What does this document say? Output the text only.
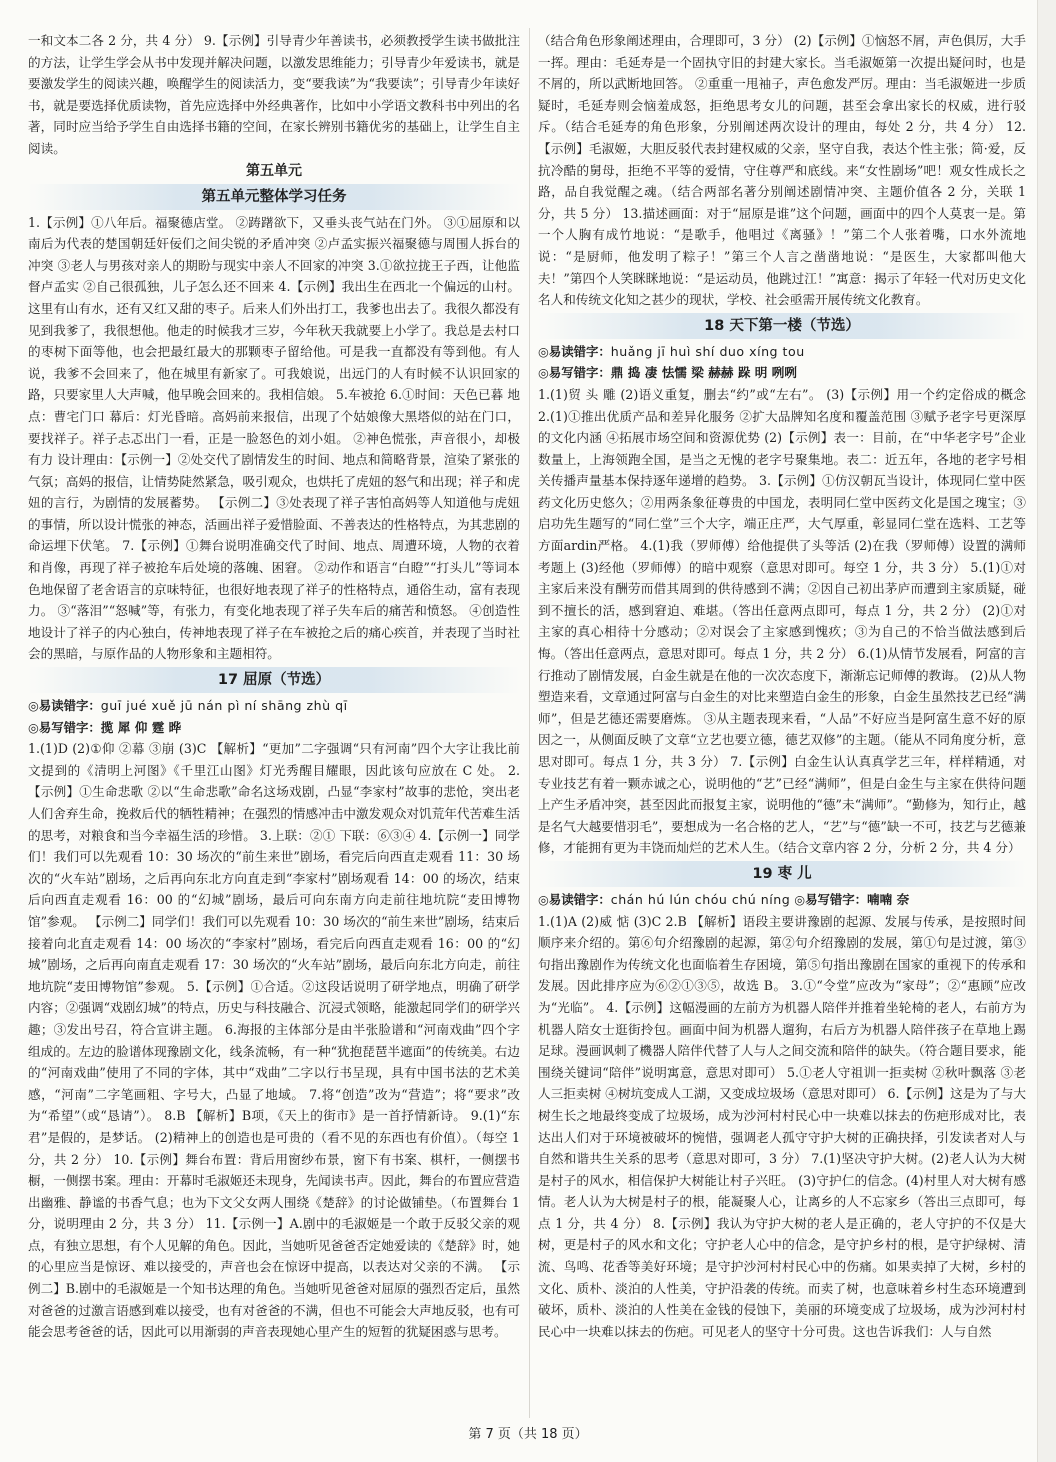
一和文本二各 2 分，共 4 分） 9.【示例】引导青少年善读书，必须教授学生读书做批注的方法，让学生学会从书中发现并解决问题，以激发思维能力；引导青少年爱读书，就是要激发学生的阅读兴趣，唤醒学生的阅读活力，变“要我读”为“我要读”；引导青少年读好书，就是要选择优质读物，首先应选择中外经典著作，比如中小学语文教科书中列出的名著，同时应当给予学生自由选择书籍的空间，在家长辨别书籍优劣的基础上，让学生自主阅读。

第五单元
第五单元整体学习任务

1.【示例】①八年后。福聚德店堂。 ②踌躇欲下，又垂头丧气站在门外。 ③①屈原和以南后为代表的楚国朝廷奸佞们之间尖锐的矛盾冲突 ②卢孟实振兴福聚德与周围人拆台的冲突 ③老人与男孩对亲人的期盼与现实中亲人不回家的冲突 3.①欲拉拢王子西，让他监督卢孟实 ②自己很孤独，儿子怎么还不回来 4.【示例】我出生在西北一个偏远的山村。这里有山有水，还有又红又甜的枣子。后来人们外出打工，我爹也出去了。我很久都没有见到我爹了，我很想他。他走的时候我才三岁，今年秋天我就要上小学了。我总是去村口的枣树下面等他，也会把最红最大的那颗枣子留给他。可是我一直都没有等到他。有人说，我爹不会回来了，他在城里有新家了。可我娘说，出远门的人有时候不认识回家的路，只要家里人大声喊，他早晚会回来的。我相信娘。 5.车被抢 6.①时间：天色已暮 地点：曹宅门口 幕后：灯光昏暗。高妈前来报信，出现了个姑娘像大黑塔似的站在门口，要找祥子。祥子忐忑出门一看，正是一脸怒色的刘小姐。 ②神色慌张，声音很小，却极有力 设计理由：【示例一】②处交代了剧情发生的时间、地点和简略背景，渲染了紧张的气氛；高妈的报信，让情势陡然紧急，吸引观众，也烘托了虎妞的怒气和出现；祥子和虎妞的言行，为剧情的发展蓄势。 【示例二】③处表现了祥子害怕高妈等人知道他与虎妞的事情，所以设计慌张的神态，活画出祥子爱惜脸面、不善表达的性格特点，为其悲剧的命运埋下伏笔。 7.【示例】①舞台说明准确交代了时间、地点、周遭环境，人物的衣着和肖像，再现了祥子被抢车后处境的落魄、困窘。 ②动作和语言“白瞪”“打头儿”等词本色地保留了老舍语言的京味特征，也很好地表现了祥子的性格特点，通俗生动，富有表现力。 ③“落泪”“怒喊”等，有张力，有变化地表现了祥子失车后的痛苦和愤怒。 ④创造性地设计了祥子的内心独白，传神地表现了祥子在车被抢之后的痛心疾首，并表现了当时社会的黑暗，与原作品的人物形象和主题相符。

17 屈原（节选）
◎易读错字：guī jué xuě jū nán pì ní shāng zhù qī
◎易写错字：揽 犀 仰 霆 晔

1.(1)D (2)①仰 ②幕 ③崩 (3)C 【解析】“更加”二字强调“只有河南”四个大字让我比前文提到的《清明上河图》《千里江山图》灯光秀醒目耀眼，因此该句应放在 C 处。 2.【示例】①生命悲歌 ②以“生命悲歌”命名这场戏剧，凸显“李家村”故事的悲怆，突出老人们舍弃生命，挽救后代的牺牲精神；在强烈的情感冲击中激发观众对饥荒年代苦难生活的思考，对粮食和当今幸福生活的珍惜。 3.上联：②① 下联：⑥③④ 4.【示例一】同学们！我们可以先观看 10：30 场次的“前生来世”剧场，看完后向西直走观看 11：30 场次的“火车站”剧场，之后再向东北方向直走到“李家村”剧场观看 14：00 的场次，结束后向西直走观看 16：00 的“幻城”剧场，最后可向东南方向走前往地坑院“麦田博物馆”参观。 【示例二】同学们！我们可以先观看 10：30 场次的“前生来世”剧场，结束后接着向北直走观看 14：00 场次的“李家村”剧场，看完后向西直走观看 16：00 的“幻城”剧场，之后再向南直走观看 17：30 场次的“火车站”剧场，最后向东北方向走，前往地坑院“麦田博物馆”参观。 5.【示例】①合适。②这段话说明了研学地点，明确了研学内容；②强调“戏剧幻城”的特点，历史与科技融合、沉浸式领略，能激起同学们的研学兴趣；③发出号召，符合宣讲主题。 6.海报的主体部分是由半张脸谱和“河南戏曲”四个字组成的。左边的脸谱体现豫剧文化，线条流畅，有一种“犹抱琵琶半遮面”的传统美。右边的“河南戏曲”使用了不同的字体，其中“戏曲”二字以行书呈现，具有中国书法的艺术美感，“河南”二字笔画粗、字号大，凸显了地域。 7.将“创造”改为“营造”；将“要求”改为“希望”（或“恳请”）。 8.B 【解析】B项，《天上的街市》是一首抒情新诗。 9.(1)“东君”是假的，是梦话。 (2)精神上的创造也是可贵的（看不见的东西也有价值）。（每空 1 分，共 2 分） 10.【示例】舞台布置：背后用窗纱布景，窗下有书案、棋杆，一侧摆书橱，一侧摆书案。理由：开幕时毛淑姬还未现身，先闻读书声。因此，舞台的布置应营造出幽雅、静谧的书香气息；也为下文父女两人围绕《楚辞》的讨论做铺垫。（布置舞台 1 分，说明理由 2 分，共 3 分） 11.【示例一】A.剧中的毛淑姬是一个敢于反驳父亲的观点，有独立思想，有个人见解的角色。因此，当她听见爸爸否定她爱读的《楚辞》时，她的心里应当是惊讶、难以接受的，声音也会在惊讶中提高，以表达对父亲的不满。 【示例二】B.剧中的毛淑姬是一个知书达理的角色。当她听见爸爸对屈原的强烈否定后，虽然对爸爸的过激言语感到难以接受，也有对爸爸的不满，但也不可能会大声地反驳，也有可能会思考爸爸的话，因此可以用渐弱的声音表现她心里产生的短暂的犹疑困惑与思考。

（结合角色形象阐述理由，合理即可，3 分） (2)【示例】①恼怒不屑，声色俱厉，大手一挥。理由：毛延寿是一个固执守旧的封建大家长。当毛淑姬第一次提出疑问时，也是不屑的，所以武断地回答。 ②重重一甩袖子，声色愈发严厉。理由：当毛淑姬进一步质疑时，毛延寿则会恼羞成怒，拒绝思考女儿的问题，甚至会拿出家长的权威，进行驳斥。（结合毛延寿的角色形象，分别阐述两次设计的理由，每处 2 分，共 4 分） 12.【示例】毛淑姬，大胆反驳代表封建权威的父亲，坚守自我，表达个性主张；简·爱，反抗冷酷的舅母，拒绝不平等的爱情，守住尊严和底线。来“女性剧场”吧！观女性成长之路，品自我觉醒之魂。（结合两部名著分别阐述剧情冲突、主题价值各 2 分，关联 1 分，共 5 分） 13.描述画面：对于“屈原是谁”这个问题，画面中的四个人莫衷一是。第一个人胸有成竹地说：“是歌手，他唱过《离骚》！”第二个人张着嘴，口水外流地说：“是厨师，他发明了粽子！”第三个人言之凿凿地说：“是医生，大家都叫他大夫！”第四个人笑眯眯地说：“是运动员，他跳过江！”寓意：揭示了年轻一代对历史文化名人和传统文化知之甚少的现状，学校、社会亟需开展传统文化教育。

18 天下第一楼（节选）
◎易读错字：huǎng jī huì shí duo xíng tou
◎易写错字：鼎 捣 凄 怯懦 梁 赫赫 跺 明 咧咧

1.(1)贸 头 雕 (2)语义重复，删去“约”或“左右”。 (3)【示例】用一个约定俗成的概念 2.(1)①推出优质产品和差异化服务 ②扩大品牌知名度和覆盖范围 ③赋予老字号更深厚的文化内涵 ④拓展市场空间和资源优势 (2)【示例】表一：目前，在“中华老字号”企业数量上，上海领跑全国，是当之无愧的老字号聚集地。表二：近五年，各地的老字号相关传播声量基本保持逐年递增的趋势。 3.【示例】①仿汉朝瓦当设计，体现同仁堂中医药文化历史悠久；②用两条象征尊贵的中国龙，表明同仁堂中医药文化是国之瑰宝；③启功先生题写的“同仁堂”三个大字，端正庄严，大气厚重，彰显同仁堂在选料、工艺等方面ardin严格。 4.(1)我（罗师傅）给他提供了头等活 (2)在我（罗师傅）设置的满师考题上 (3)经他（罗师傅）的暗中观察（意思对即可。每空 1 分，共 3 分） 5.(1)①对主家后来没有酬劳而借其周到的供待感到不满；②因自己初出茅庐而遭到主家质疑，碰到不擅长的活，感到窘迫、难堪。（答出任意两点即可，每点 1 分，共 2 分） (2)①对主家的真心相待十分感动；②对误会了主家感到愧疚；③为自己的不恰当做法感到后悔。（答出任意两点，意思对即可。每点 1 分，共 2 分） 6.(1)从情节发展看，阿富的言行推动了剧情发展，白金生就是在他的一次次态度下，渐渐忘记师傅的教诲。 (2)从人物塑造来看，文章通过阿富与白金生的对比来塑造白金生的形象，白金生虽然技艺已经“满师”，但是艺德还需要磨炼。 ③从主题表现来看，“人品”不好应当是阿富生意不好的原因之一，从侧面反映了文章“立艺也要立德，德艺双修”的主题。（能从不同角度分析，意思对即可。每点 1 分，共 3 分） 7.【示例】白金生认认真真学艺三年，样样精通，对专业技艺有着一颗赤诚之心，说明他的“艺”已经“满师”，但是白金生与主家在供待问题上产生矛盾冲突，甚至因此而报复主家，说明他的“德”未“满师”。“勤修为，知行止，越是名气大越要惜羽毛”，要想成为一名合格的艺人，“艺”与“德”缺一不可，技艺与艺德兼修，才能拥有更为丰饶而灿烂的艺术人生。（结合文章内容 2 分，分析 2 分，共 4 分）

19 枣 儿
◎易读错字：chán hú lún chóu chú níng ◎易写错字：喃喃 奈

1.(1)A (2)威 惦 (3)C 2.B 【解析】语段主要讲豫剧的起源、发展与传承，是按照时间顺序来介绍的。第⑥句介绍豫剧的起源，第②句介绍豫剧的发展，第①句是过渡，第③句指出豫剧作为传统文化也面临着生存困境，第⑤句指出豫剧在国家的重视下的传承和发展。因此排序应为⑥②①③⑤，故选 B。 3.①“令堂”应改为“家母”；②“惠顾”应改为“光临”。 4.【示例】这幅漫画的左前方为机器人陪伴并推着坐轮椅的老人，右前方为机器人陪女士逛街拎包。画面中间为机器人遛狗，右后方为机器人陪伴孩子在草地上踢足球。漫画讽刺了機器人陪伴代替了人与人之间交流和陪伴的缺失。（符合题目要求，能围绕关键词“陪伴”说明寓意，意思对即可） 5.①老人守祖训一拒卖树 ②秋叶飘落 ③老人三拒卖树 ④树坑变成人工湖，又变成垃圾场（意思对即可） 6.【示例】这是为了与大树生长之地最终变成了垃圾场，成为沙河村村民心中一块难以抹去的伤疤形成对比，表达出人们对于环境被破坏的惋惜，强调老人孤守守护大树的正确抉择，引发读者对人与自然和谐共生关系的思考（意思对即可，3 分） 7.(1)坚决守护大树。(2)老人认为大树是村子的风水，相信保护大树能让村子兴旺。 (3)守护仁的信念。(4)村里人对大树有感情。老人认为大树是村子的根，能凝聚人心，让离乡的人不忘家乡（答出三点即可，每点 1 分，共 4 分） 8.【示例】我认为守护大树的老人是正确的，老人守护的不仅是大树，更是村子的风水和文化；守护老人心中的信念，是守护乡村的根，是守护绿树、清流、鸟鸣、花香等美好环境；是守护沙河村村民心中的伤痛。如果卖掉了大树，乡村的文化、质朴、淡泊的人性美，守护沿袭的传统。而卖了树，也意味着乡村生态环境遭到破坏，质朴、淡泊的人性美在金钱的侵蚀下，美丽的环境变成了垃圾场，成为沙河村村民心中一块难以抹去的伤疤。可见老人的坚守十分可贵。这也告诉我们：人与自然

第 7 页（共 18 页）
